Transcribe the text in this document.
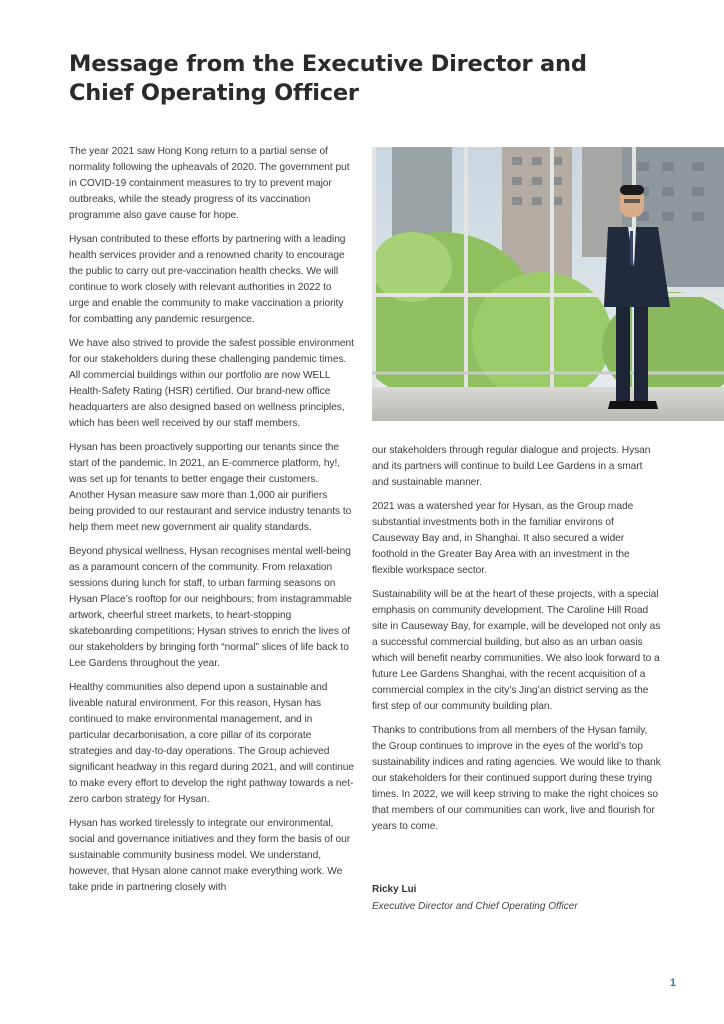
Message from the Executive Director and
Chief Operating Officer

The year 2021 saw Hong Kong return to a partial sense of normality following the upheavals of 2020. The government put in COVID-19 containment measures to try to prevent major outbreaks, while the steady progress of its vaccination programme also gave cause for hope.

Hysan contributed to these efforts by partnering with a leading health services provider and a renowned charity to encourage the public to carry out pre-vaccination health checks. We will continue to work closely with relevant authorities in 2022 to urge and enable the community to make vaccination a priority for combatting any pandemic resurgence.

We have also strived to provide the safest possible environment for our stakeholders during these challenging pandemic times. All commercial buildings within our portfolio are now WELL Health-Safety Rating (HSR) certified. Our brand-new office headquarters are also designed based on wellness principles, which has been well received by our staff members.

Hysan has been proactively supporting our tenants since the start of the pandemic. In 2021, an E-commerce platform, hy!, was set up for tenants to better engage their customers. Another Hysan measure saw more than 1,000 air purifiers being provided to our restaurant and service industry tenants to help them meet new government air quality standards.

Beyond physical wellness, Hysan recognises mental well-being as a paramount concern of the community. From relaxation sessions during lunch for staff, to urban farming seasons on Hysan Place’s rooftop for our neighbours; from instagrammable artwork, cheerful street markets, to heart-stopping skateboarding competitions; Hysan strives to enrich the lives of our stakeholders by bringing forth “normal” slices of life back to Lee Gardens throughout the year.

Healthy communities also depend upon a sustainable and liveable natural environment. For this reason, Hysan has continued to make environmental management, and in particular decarbonisation, a core pillar of its corporate strategies and day-to-day operations. The Group achieved significant headway in this regard during 2021, and will continue to make every effort to develop the right pathway towards a net-zero carbon strategy for Hysan.

Hysan has worked tirelessly to integrate our environmental, social and governance initiatives and they form the basis of our sustainable community business model. We understand, however, that Hysan alone cannot make everything work. We take pride in partnering closely with

our stakeholders through regular dialogue and projects. Hysan and its partners will continue to build Lee Gardens in a smart and sustainable manner.

2021 was a watershed year for Hysan, as the Group made substantial investments both in the familiar environs of Causeway Bay and, in Shanghai. It also secured a wider foothold in the Greater Bay Area with an investment in the flexible workspace sector.

Sustainability will be at the heart of these projects, with a special emphasis on community development. The Caroline Hill Road site in Causeway Bay, for example, will be developed not only as a successful commercial building, but also as an urban oasis which will benefit nearby communities. We also look forward to a future Lee Gardens Shanghai, with the recent acquisition of a commercial complex in the city’s Jing’an district serving as the first step of our community building plan.

Thanks to contributions from all members of the Hysan family, the Group continues to improve in the eyes of the world’s top sustainability indices and rating agencies. We would like to thank our stakeholders for their continued support during these trying times. In 2022, we will keep striving to make the right choices so that members of our communities can work, live and flourish for years to come.

Ricky Lui
Executive Director and Chief Operating Officer
1
